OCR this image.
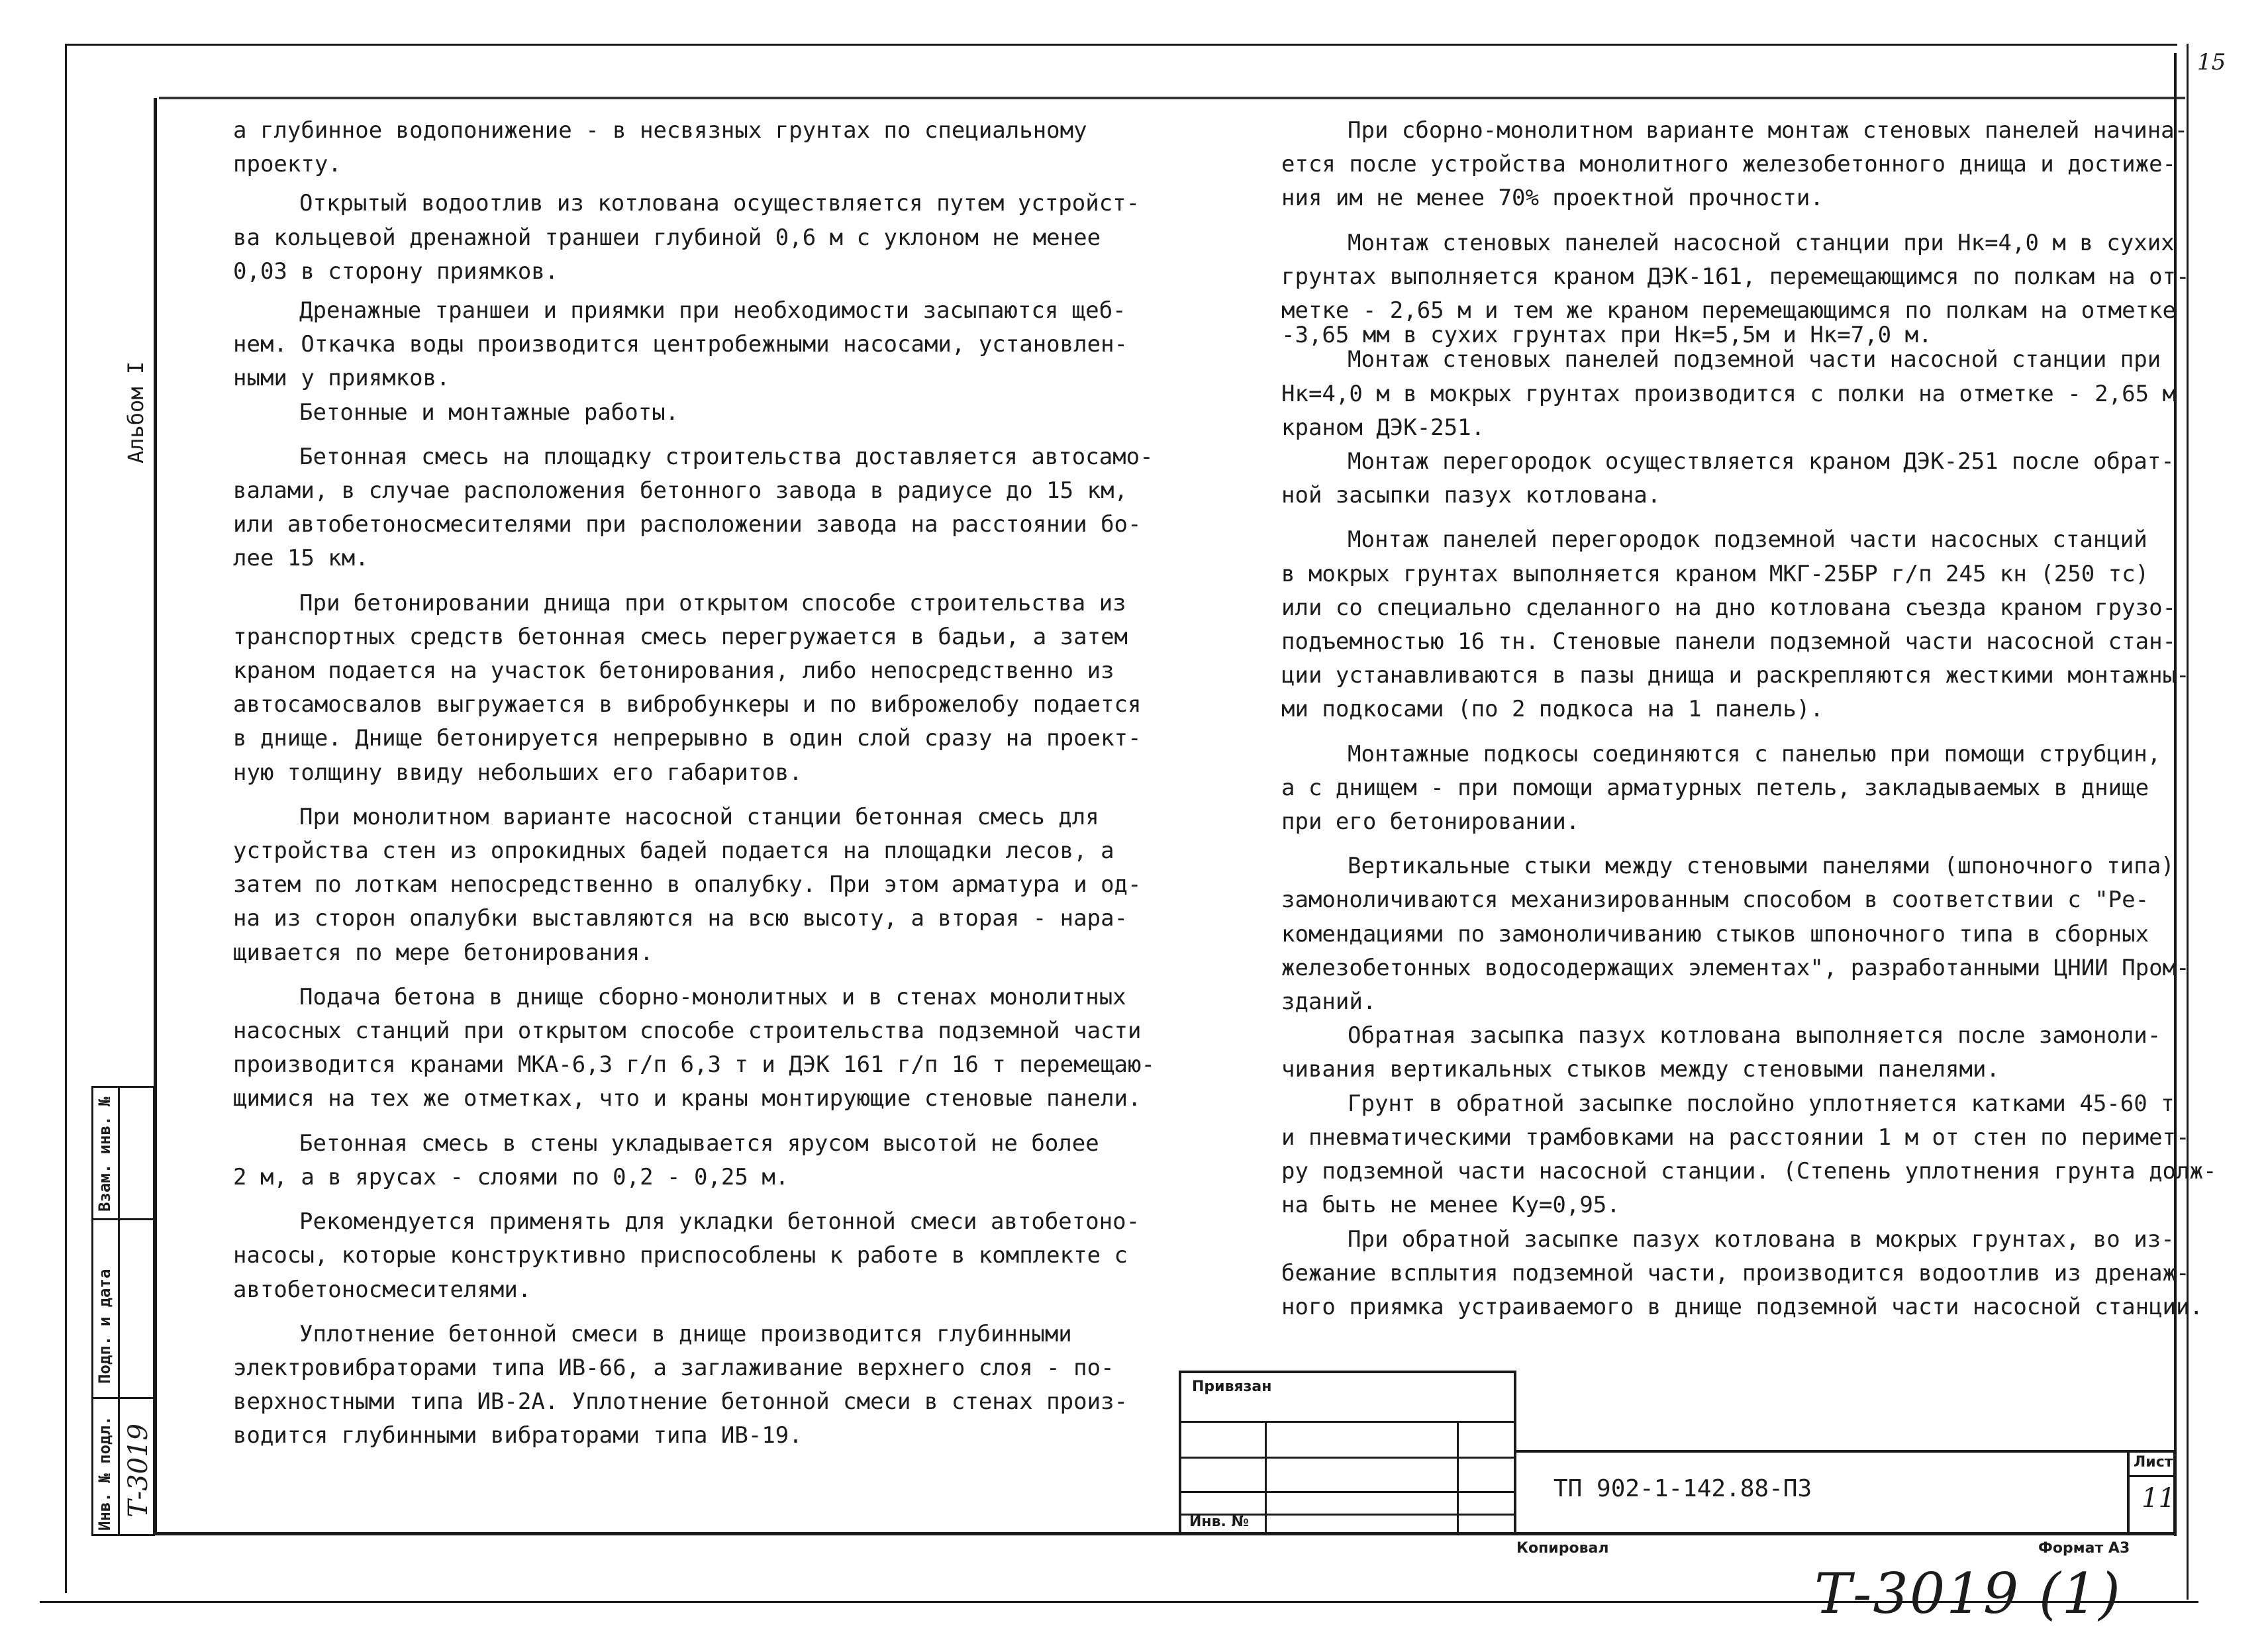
15

а глубинное водопонижение - в несвязных грунтах по специальному

проекту.

Открытый водоотлив из котлована осуществляется путем устройст-

ва кольцевой дренажной траншеи глубиной 0,6 м с уклоном не менее

0,03 в сторону приямков.

Дренажные траншеи и приямки при необходимости засыпаются щеб-

нем. Откачка воды производится центробежными насосами, установлен-

ными у приямков.

Бетонные и монтажные работы.

Бетонная смесь на площадку строительства доставляется автосамо-

валами, в случае расположения бетонного завода в радиусе до 15 км,

или автобетоносмесителями при расположении завода на расстоянии бо-

лее 15 км.

При бетонировании днища при открытом способе строительства из

транспортных средств бетонная смесь перегружается в бадьи, а затем

краном подается на участок бетонирования, либо непосредственно из

автосамосвалов выгружается в вибробункеры и по виброжелобу подается

в днище. Днище бетонируется непрерывно в один слой сразу на проект-

ную толщину ввиду небольших его габаритов.

При монолитном варианте насосной станции бетонная смесь для

устройства стен из опрокидных бадей подается на площадки лесов, а

затем по лоткам непосредственно в опалубку. При этом арматура и од-

на из сторон опалубки выставляются на всю высоту, а вторая - нара-

щивается по мере бетонирования.

Подача бетона в днище сборно-монолитных и в стенах монолитных

насосных станций при открытом способе строительства подземной части

производится кранами МКА-6,3 г/п 6,3 т и ДЭК 161 г/п 16 т перемещаю-

щимися на тех же отметках, что и краны монтирующие стеновые панели.

Бетонная смесь в стены укладывается ярусом высотой не более

2 м, а в ярусах - слоями по 0,2 - 0,25 м.

Рекомендуется применять для укладки бетонной смеси автобетоно-

насосы, которые конструктивно приспособлены к работе в комплекте с

автобетоносмесителями.

Уплотнение бетонной смеси в днище производится глубинными

электровибраторами типа ИВ-66, а заглаживание верхнего слоя - по-

верхностными типа ИВ-2А. Уплотнение бетонной смеси в стенах произ-

водится глубинными вибраторами типа ИВ-19.

При сборно-монолитном варианте монтаж стеновых панелей начина-

ется после устройства монолитного железобетонного днища и достиже-

ния им не менее 70% проектной прочности.

Монтаж стеновых панелей насосной станции при Нк=4,0 м в сухих

грунтах выполняется краном ДЭК-161, перемещающимся по полкам на от-

метке - 2,65 м и тем же краном перемещающимся по полкам на отметке

-3,65 мм в сухих грунтах при Нк=5,5м и Нк=7,0 м.

Монтаж стеновых панелей подземной части насосной станции при

Нк=4,0 м в мокрых грунтах производится с полки на отметке - 2,65 м

краном ДЭК-251.

Монтаж перегородок осуществляется краном ДЭК-251 после обрат-

ной засыпки пазух котлована.

Монтаж панелей перегородок подземной части насосных станций

в мокрых грунтах выполняется краном МКГ-25БР г/п 245 кн (250 тс)

или со специально сделанного на дно котлована съезда краном грузо-

подъемностью 16 тн. Стеновые панели подземной части насосной стан-

ции устанавливаются в пазы днища и раскрепляются жесткими монтажны-

ми подкосами (по 2 подкоса на 1 панель).

Монтажные подкосы соединяются с панелью при помощи струбцин,

а с днищем - при помощи арматурных петель, закладываемых в днище

при его бетонировании.

Вертикальные стыки между стеновыми панелями (шпоночного типа)

замоноличиваются механизированным способом в соответствии с "Ре-

комендациями по замоноличиванию стыков шпоночного типа в сборных

железобетонных водосодержащих элементах", разработанными ЦНИИ Пром-

зданий.

Обратная засыпка пазух котлована выполняется после замоноли-

чивания вертикальных стыков между стеновыми панелями.

Грунт в обратной засыпке послойно уплотняется катками 45-60 т

и пневматическими трамбовками на расстоянии 1 м от стен по перимет-

ру подземной части насосной станции. (Степень уплотнения грунта долж-

на быть не менее Ку=0,95.

При обратной засыпке пазух котлована в мокрых грунтах, во из-

бежание всплытия подземной части, производится водоотлив из дренаж-

ного приямка устраиваемого в днище подземной части насосной станции.

Альбом I
Инв. № подл.
Подп. и дата
Взам. инв. №
Т-3019
Привязан
Инв. №
ТП 902-1-142.88-ПЗ
Лист
11
Копировал	Формат А3
Т-3019 (1)
